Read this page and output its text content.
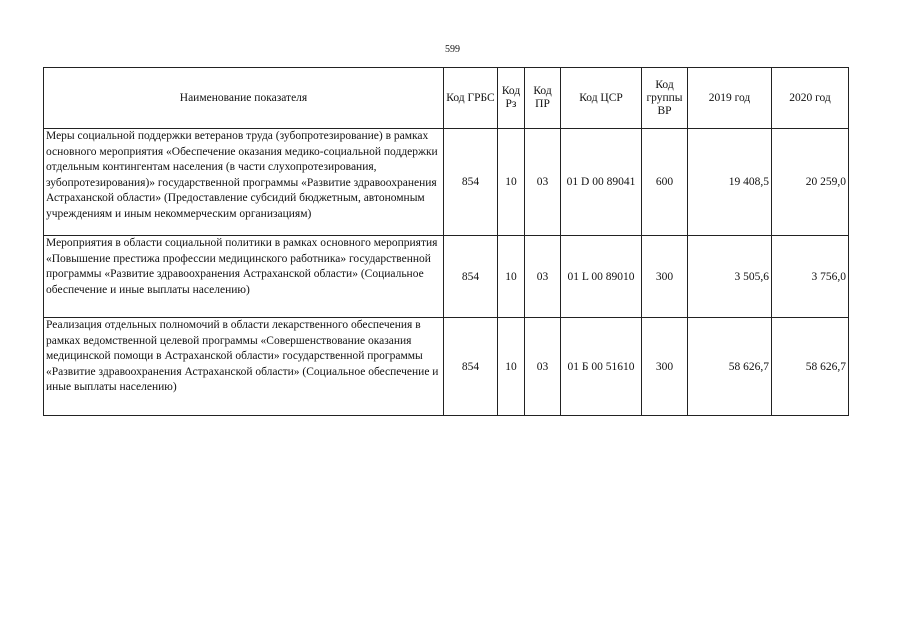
599
Наименование показателя	Код ГРБС	Код Рз	Код ПР	Код ЦСР	Код группы ВР	2019 год	2020 год
Меры социальной поддержки ветеранов труда (зубопротезирование) в рамках основного мероприятия «Обеспечение оказания медико-социальной поддержки отдельным контингентам населения (в части слухопротезирования, зубопротезирования)» государственной программы «Развитие здравоохранения Астраханской области» (Предоставление субсидий бюджетным, автономным учреждениям и иным некоммерческим организациям)	854	10	03	01 D 00 89041	600	19 408,5	20 259,0
Мероприятия в области социальной политики в рамках основного мероприятия «Повышение престижа профессии медицинского работника» государственной программы «Развитие здравоохранения Астраханской области» (Социальное обеспечение и иные выплаты населению)	854	10	03	01 L 00 89010	300	3 505,6	3 756,0
Реализация отдельных полномочий в области лекарственного обеспечения в рамках ведомственной целевой программы «Совершенствование оказания медицинской помощи в Астраханской области» государственной программы «Развитие здравоохранения Астраханской области» (Социальное обеспечение и иные выплаты населению)	854	10	03	01 Б 00 51610	300	58 626,7	58 626,7
